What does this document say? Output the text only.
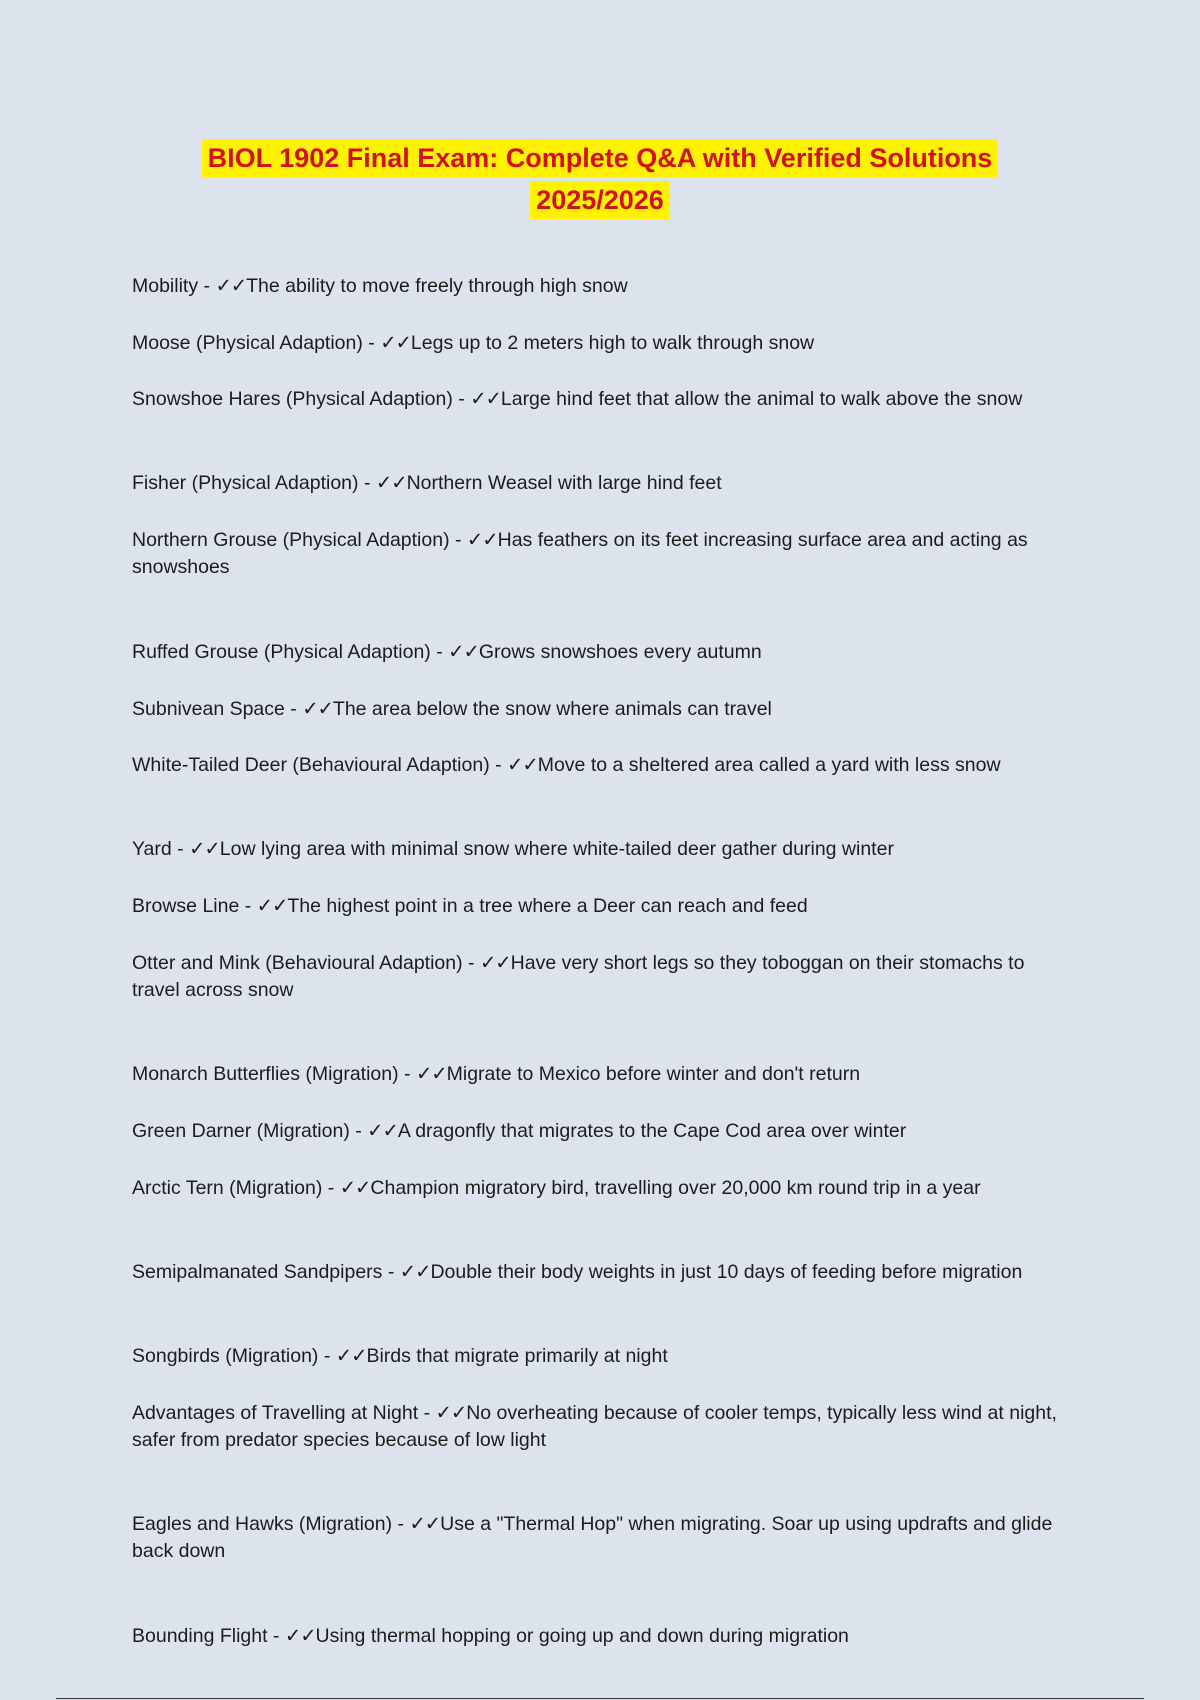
BIOL 1902 Final Exam: Complete Q&A with Verified Solutions
2025/2026
Mobility - ✓✓The ability to move freely through high snow
Moose (Physical Adaption) - ✓✓Legs up to 2 meters high to walk through snow
Snowshoe Hares (Physical Adaption) - ✓✓Large hind feet that allow the animal to walk above the snow
Fisher (Physical Adaption) - ✓✓Northern Weasel with large hind feet
Northern Grouse (Physical Adaption) - ✓✓Has feathers on its feet increasing surface area and acting as snowshoes
Ruffed Grouse (Physical Adaption) - ✓✓Grows snowshoes every autumn
Subnivean Space - ✓✓The area below the snow where animals can travel
White-Tailed Deer (Behavioural Adaption) - ✓✓Move to a sheltered area called a yard with less snow
Yard - ✓✓Low lying area with minimal snow where white-tailed deer gather during winter
Browse Line - ✓✓The highest point in a tree where a Deer can reach and feed
Otter and Mink (Behavioural Adaption) - ✓✓Have very short legs so they toboggan on their stomachs to travel across snow
Monarch Butterflies (Migration) - ✓✓Migrate to Mexico before winter and don't return
Green Darner (Migration) - ✓✓A dragonfly that migrates to the Cape Cod area over winter
Arctic Tern (Migration) - ✓✓Champion migratory bird, travelling over 20,000 km round trip in a year
Semipalmanated Sandpipers - ✓✓Double their body weights in just 10 days of feeding before migration
Songbirds (Migration) - ✓✓Birds that migrate primarily at night
Advantages of Travelling at Night - ✓✓No overheating because of cooler temps, typically less wind at night, safer from predator species because of low light
Eagles and Hawks (Migration) - ✓✓Use a "Thermal Hop" when migrating. Soar up using updrafts and glide back down
Bounding Flight - ✓✓Using thermal hopping or going up and down during migration
